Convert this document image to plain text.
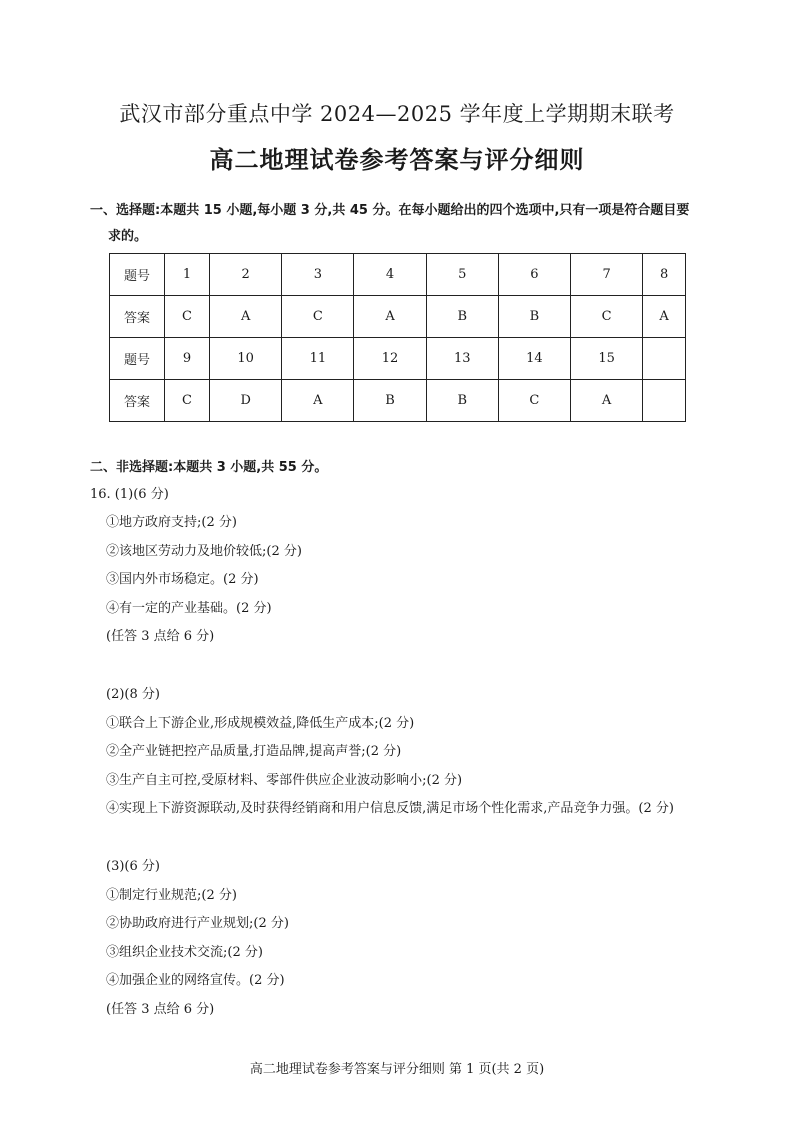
武汉市部分重点中学 2024—2025 学年度上学期期末联考
高二地理试卷参考答案与评分细则
一、选择题:本题共 15 小题,每小题 3 分,共 45 分。在每小题给出的四个选项中,只有一项是符合题目要
求的。
题号	1	2	3	4	5	6	7	8
答案	C	A	C	A	B	B	C	A
题号	9	10	11	12	13	14	15	
答案	C	D	A	B	B	C	A	
二、非选择题:本题共 3 小题,共 55 分。
16. (1)(6 分)
①地方政府支持;(2 分)
②该地区劳动力及地价较低;(2 分)
③国内外市场稳定。(2 分)
④有一定的产业基础。(2 分)
(任答 3 点给 6 分)
(2)(8 分)
①联合上下游企业,形成规模效益,降低生产成本;(2 分)
②全产业链把控产品质量,打造品牌,提高声誉;(2 分)
③生产自主可控,受原材料、零部件供应企业波动影响小;(2 分)
④实现上下游资源联动,及时获得经销商和用户信息反馈,满足市场个性化需求,产品竞争力强。(2 分)
(3)(6 分)
①制定行业规范;(2 分)
②协助政府进行产业规划;(2 分)
③组织企业技术交流;(2 分)
④加强企业的网络宣传。(2 分)
(任答 3 点给 6 分)
高二地理试卷参考答案与评分细则 第 1 页(共 2 页)
